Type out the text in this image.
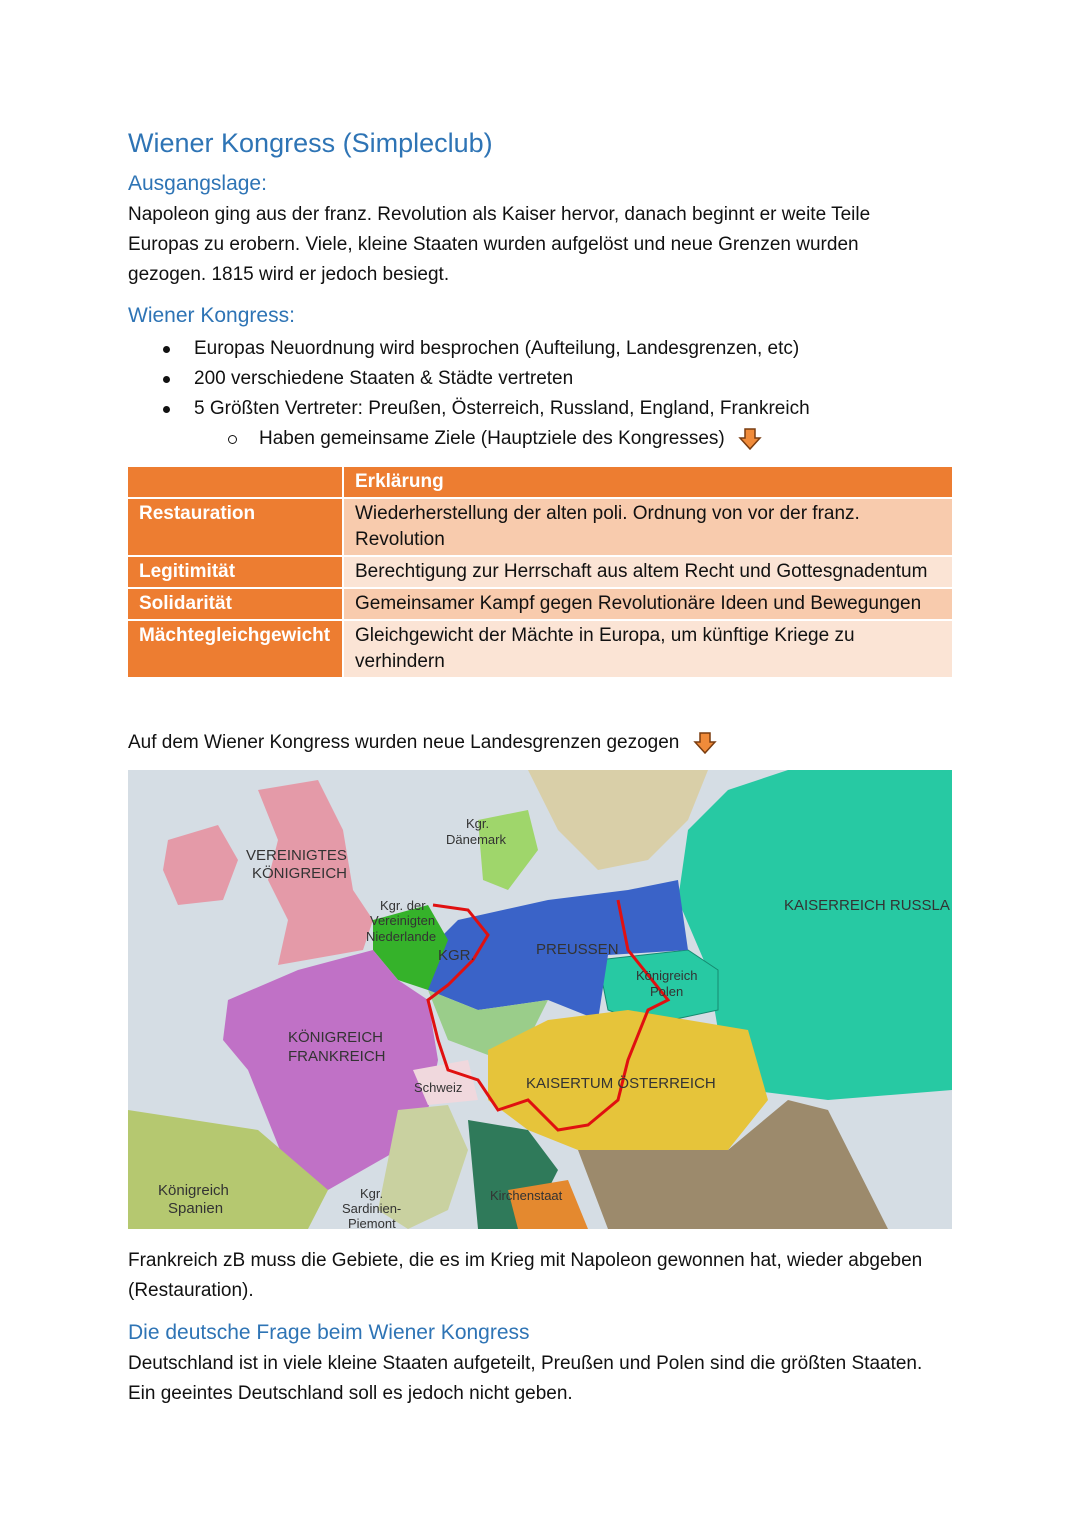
Wiener Kongress (Simpleclub)
Ausgangslage:
Napoleon ging aus der franz. Revolution als Kaiser hervor, danach beginnt er weite Teile Europas zu erobern. Viele, kleine Staaten wurden aufgelöst und neue Grenzen wurden gezogen. 1815 wird er jedoch besiegt.
Wiener Kongress:
Europas Neuordnung wird besprochen (Aufteilung, Landesgrenzen, etc)
200 verschiedene Staaten & Städte vertreten
5 Größten Vertreter: Preußen, Österreich, Russland, England, Frankreich
Haben gemeinsame Ziele (Hauptziele des Kongresses)
	Erklärung
Restauration	Wiederherstellung der alten poli. Ordnung von vor der franz. Revolution
Legitimität	Berechtigung zur Herrschaft aus altem Recht und Gottesgnadentum
Solidarität	Gemeinsamer Kampf gegen Revolutionäre Ideen und Bewegungen
Mächtegleichgewicht	Gleichgewicht der Mächte in Europa, um künftige Kriege zu verhindern
Auf dem Wiener Kongress wurden neue Landesgrenzen gezogen
VEREINIGTES
KÖNIGREICH
Kgr.
Dänemark
Kgr. der
Vereinigten
Niederlande
KGR.	PREUSSEN
Königreich
Polen
KAISERREICH RUSSLA
KÖNIGREICH
FRANKREICH
Schweiz	KAISERTUM ÖSTERREICH
Königreich
Spanien
Kgr.
Sardinien-
Piemont
Kirchenstaat
Frankreich zB muss die Gebiete, die es im Krieg mit Napoleon gewonnen hat, wieder abgeben (Restauration).
Die deutsche Frage beim Wiener Kongress
Deutschland ist in viele kleine Staaten aufgeteilt, Preußen und Polen sind die größten Staaten. Ein geeintes Deutschland soll es jedoch nicht geben.
